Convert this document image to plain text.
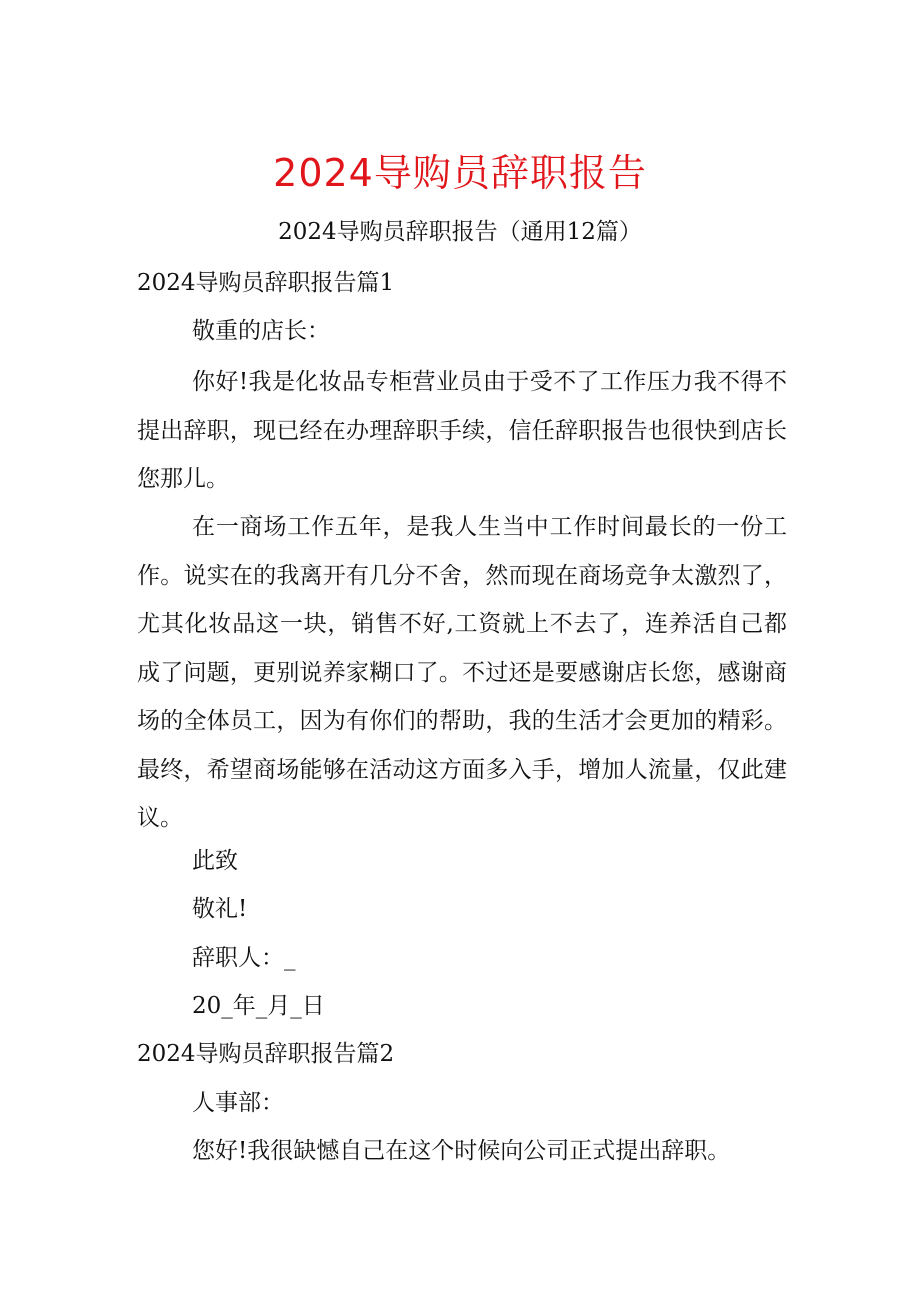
2024导购员辞职报告
2024导购员辞职报告（通用12篇）
2024导购员辞职报告篇1
敬重的店长：
你好!我是化妆品专柜营业员由于受不了工作压力我不得不提出辞职，现已经在办理辞职手续，信任辞职报告也很快到店长您那儿。
在一商场工作五年，是我人生当中工作时间最长的一份工作。说实在的我离开有几分不舍，然而现在商场竞争太激烈了，尤其化妆品这一块，销售不好,工资就上不去了，连养活自己都成了问题，更别说养家糊口了。不过还是要感谢店长您，感谢商场的全体员工，因为有你们的帮助，我的生活才会更加的精彩。最终，希望商场能够在活动这方面多入手，增加人流量，仅此建议。
此致
敬礼!
辞职人：_
20_年_月_日
2024导购员辞职报告篇2
人事部：
您好!我很缺憾自己在这个时候向公司正式提出辞职。
